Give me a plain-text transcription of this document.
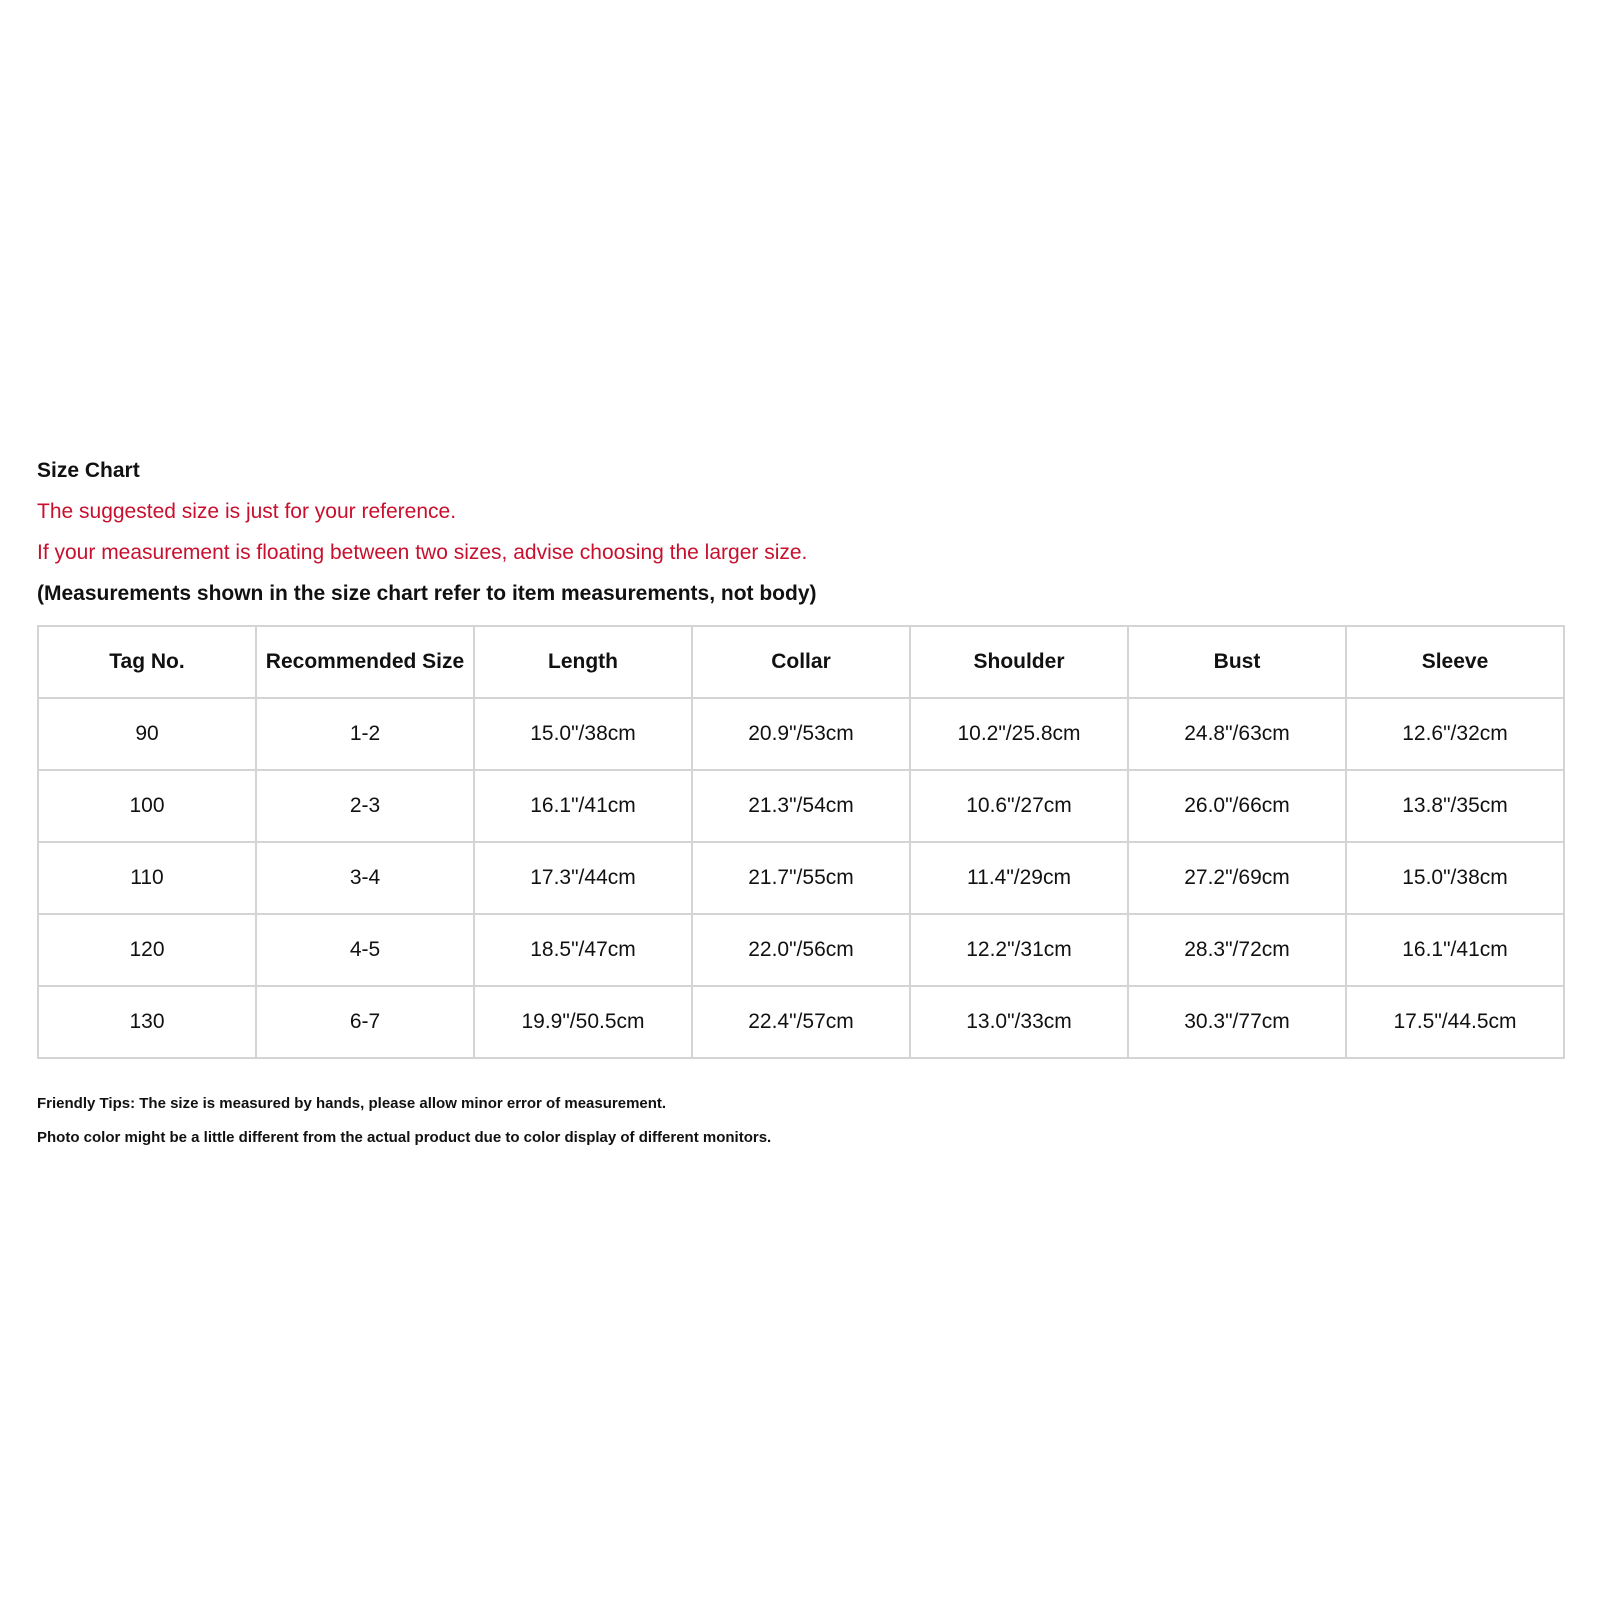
Size Chart
The suggested size is just for your reference.
If your measurement is floating between two sizes, advise choosing the larger size.
(Measurements shown in the size chart refer to item measurements, not body)
Tag No.	Recommended Size	Length	Collar	Shoulder	Bust	Sleeve
90	1-2	15.0"/38cm	20.9"/53cm	10.2"/25.8cm	24.8"/63cm	12.6"/32cm
100	2-3	16.1"/41cm	21.3"/54cm	10.6"/27cm	26.0"/66cm	13.8"/35cm
110	3-4	17.3"/44cm	21.7"/55cm	11.4"/29cm	27.2"/69cm	15.0"/38cm
120	4-5	18.5"/47cm	22.0"/56cm	12.2"/31cm	28.3"/72cm	16.1"/41cm
130	6-7	19.9"/50.5cm	22.4"/57cm	13.0"/33cm	30.3"/77cm	17.5"/44.5cm
Friendly Tips: The size is measured by hands, please allow minor error of measurement.
Photo color might be a little different from the actual product due to color display of different monitors.
